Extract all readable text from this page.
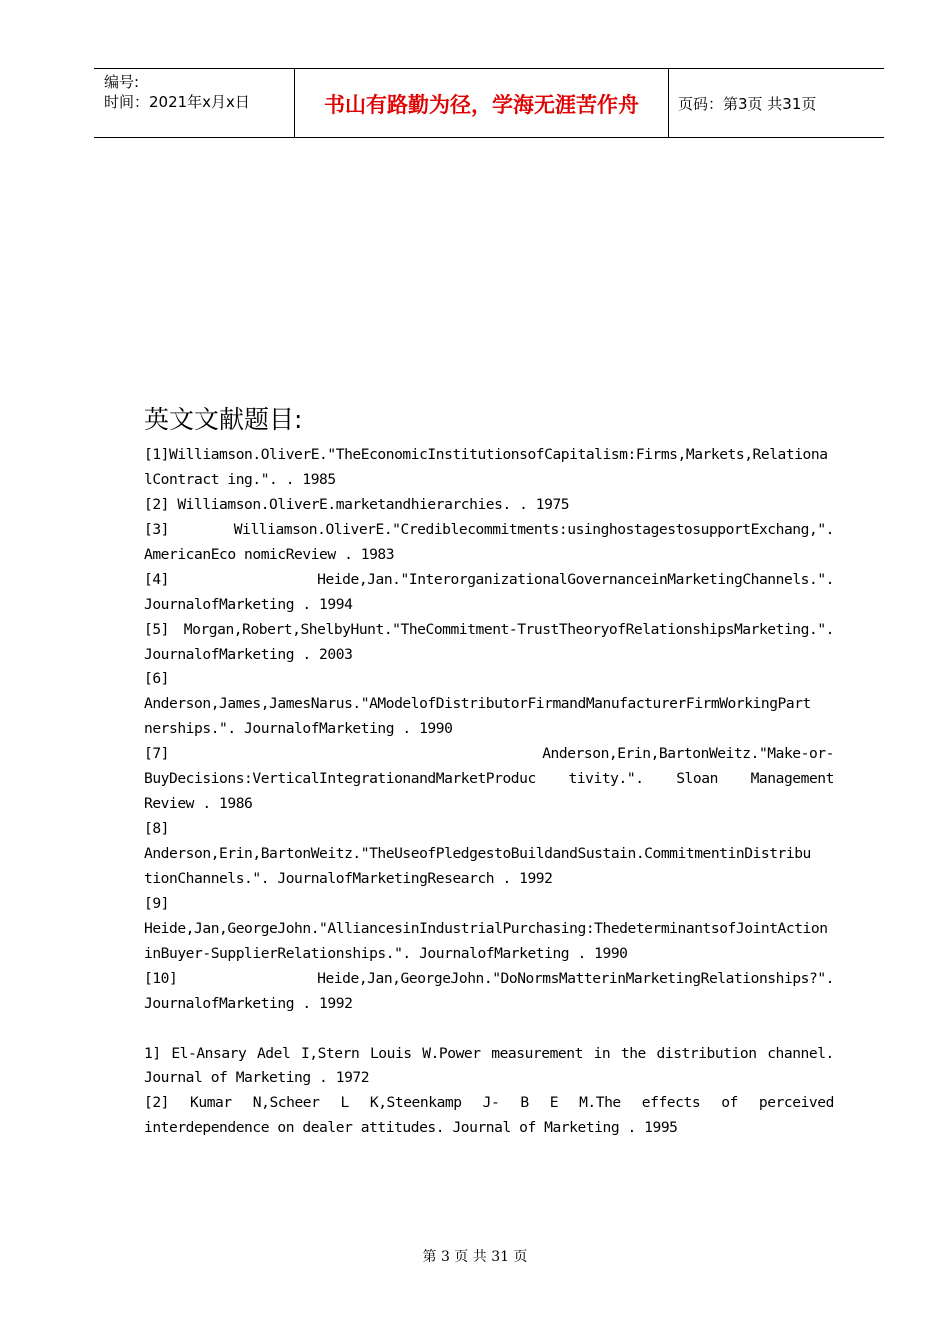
编号:
时间：2021年x月x日	书山有路勤为径，学海无涯苦作舟	页码：第3页 共31页
英文文献题目:
[1]Williamson.OliverE."TheEconomicInstitutionsofCapitalism:Firms,Markets,Relationa
lContract ing.". . 1985
[2] Williamson.OliverE.marketandhierarchies. . 1975
[3]	Williamson.OliverE."Crediblecommitments:usinghostagestosupportExchang,".
AmericanEco nomicReview . 1983
[4]	Heide,Jan."InterorganizationalGovernanceinMarketingChannels.".
JournalofMarketing . 1994
[5] Morgan,Robert,ShelbyHunt."TheCommitment-TrustTheoryofRelationshipsMarketing.".
JournalofMarketing . 2003
[6]
Anderson,James,JamesNarus."AModelofDistributorFirmandManufacturerFirmWorkingPart
nerships.". JournalofMarketing . 1990
[7]	Anderson,Erin,BartonWeitz."Make-or-
BuyDecisions:VerticalIntegrationandMarketProduc tivity.". Sloan Management
Review . 1986
[8]
Anderson,Erin,BartonWeitz."TheUseofPledgestoBuildandSustain.CommitmentinDistribu
tionChannels.". JournalofMarketingResearch . 1992
[9]
Heide,Jan,GeorgeJohn."AlliancesinIndustrialPurchasing:ThedeterminantsofJointAction
inBuyer-SupplierRelationships.". JournalofMarketing . 1990
[10]	Heide,Jan,GeorgeJohn."DoNormsMatterinMarketingRelationships?".
JournalofMarketing . 1992
1] El-Ansary Adel I,Stern Louis W.Power measurement in the distribution channel.
Journal of Marketing . 1972
[2] Kumar N,Scheer L K,Steenkamp J- B E M.The effects of perceived
interdependence on dealer attitudes. Journal of Marketing . 1995
第 3 页 共 31 页
